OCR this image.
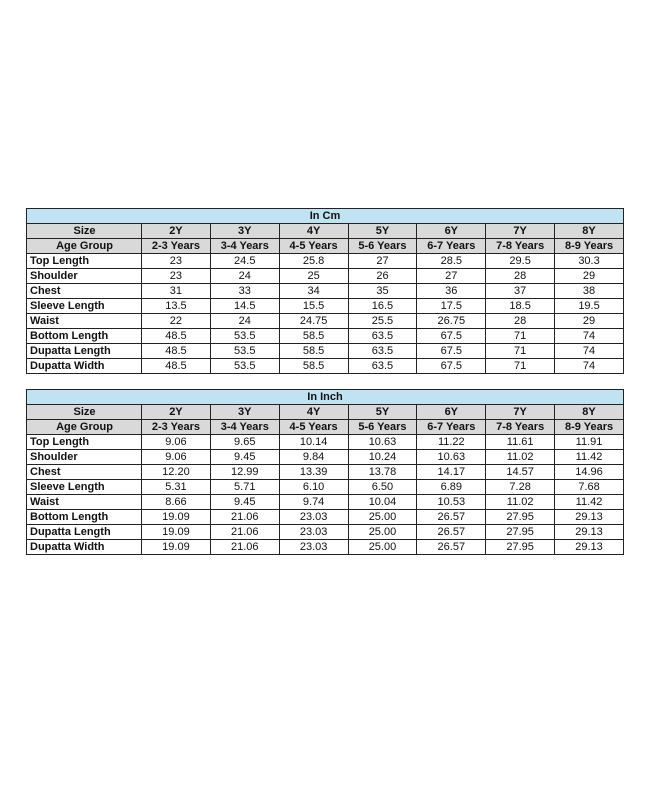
In Cm							
Size	2Y	3Y	4Y	5Y	6Y	7Y	8Y
Age Group	2-3 Years	3-4 Years	4-5 Years	5-6 Years	6-7 Years	7-8 Years	8-9 Years
Top Length	23	24.5	25.8	27	28.5	29.5	30.3
Shoulder	23	24	25	26	27	28	29
Chest	31	33	34	35	36	37	38
Sleeve Length	13.5	14.5	15.5	16.5	17.5	18.5	19.5
Waist	22	24	24.75	25.5	26.75	28	29
Bottom Length	48.5	53.5	58.5	63.5	67.5	71	74
Dupatta Length	48.5	53.5	58.5	63.5	67.5	71	74
Dupatta Width	48.5	53.5	58.5	63.5	67.5	71	74
In Inch							
Size	2Y	3Y	4Y	5Y	6Y	7Y	8Y
Age Group	2-3 Years	3-4 Years	4-5 Years	5-6 Years	6-7 Years	7-8 Years	8-9 Years
Top Length	9.06	9.65	10.14	10.63	11.22	11.61	11.91
Shoulder	9.06	9.45	9.84	10.24	10.63	11.02	11.42
Chest	12.20	12.99	13.39	13.78	14.17	14.57	14.96
Sleeve Length	5.31	5.71	6.10	6.50	6.89	7.28	7.68
Waist	8.66	9.45	9.74	10.04	10.53	11.02	11.42
Bottom Length	19.09	21.06	23.03	25.00	26.57	27.95	29.13
Dupatta Length	19.09	21.06	23.03	25.00	26.57	27.95	29.13
Dupatta Width	19.09	21.06	23.03	25.00	26.57	27.95	29.13
